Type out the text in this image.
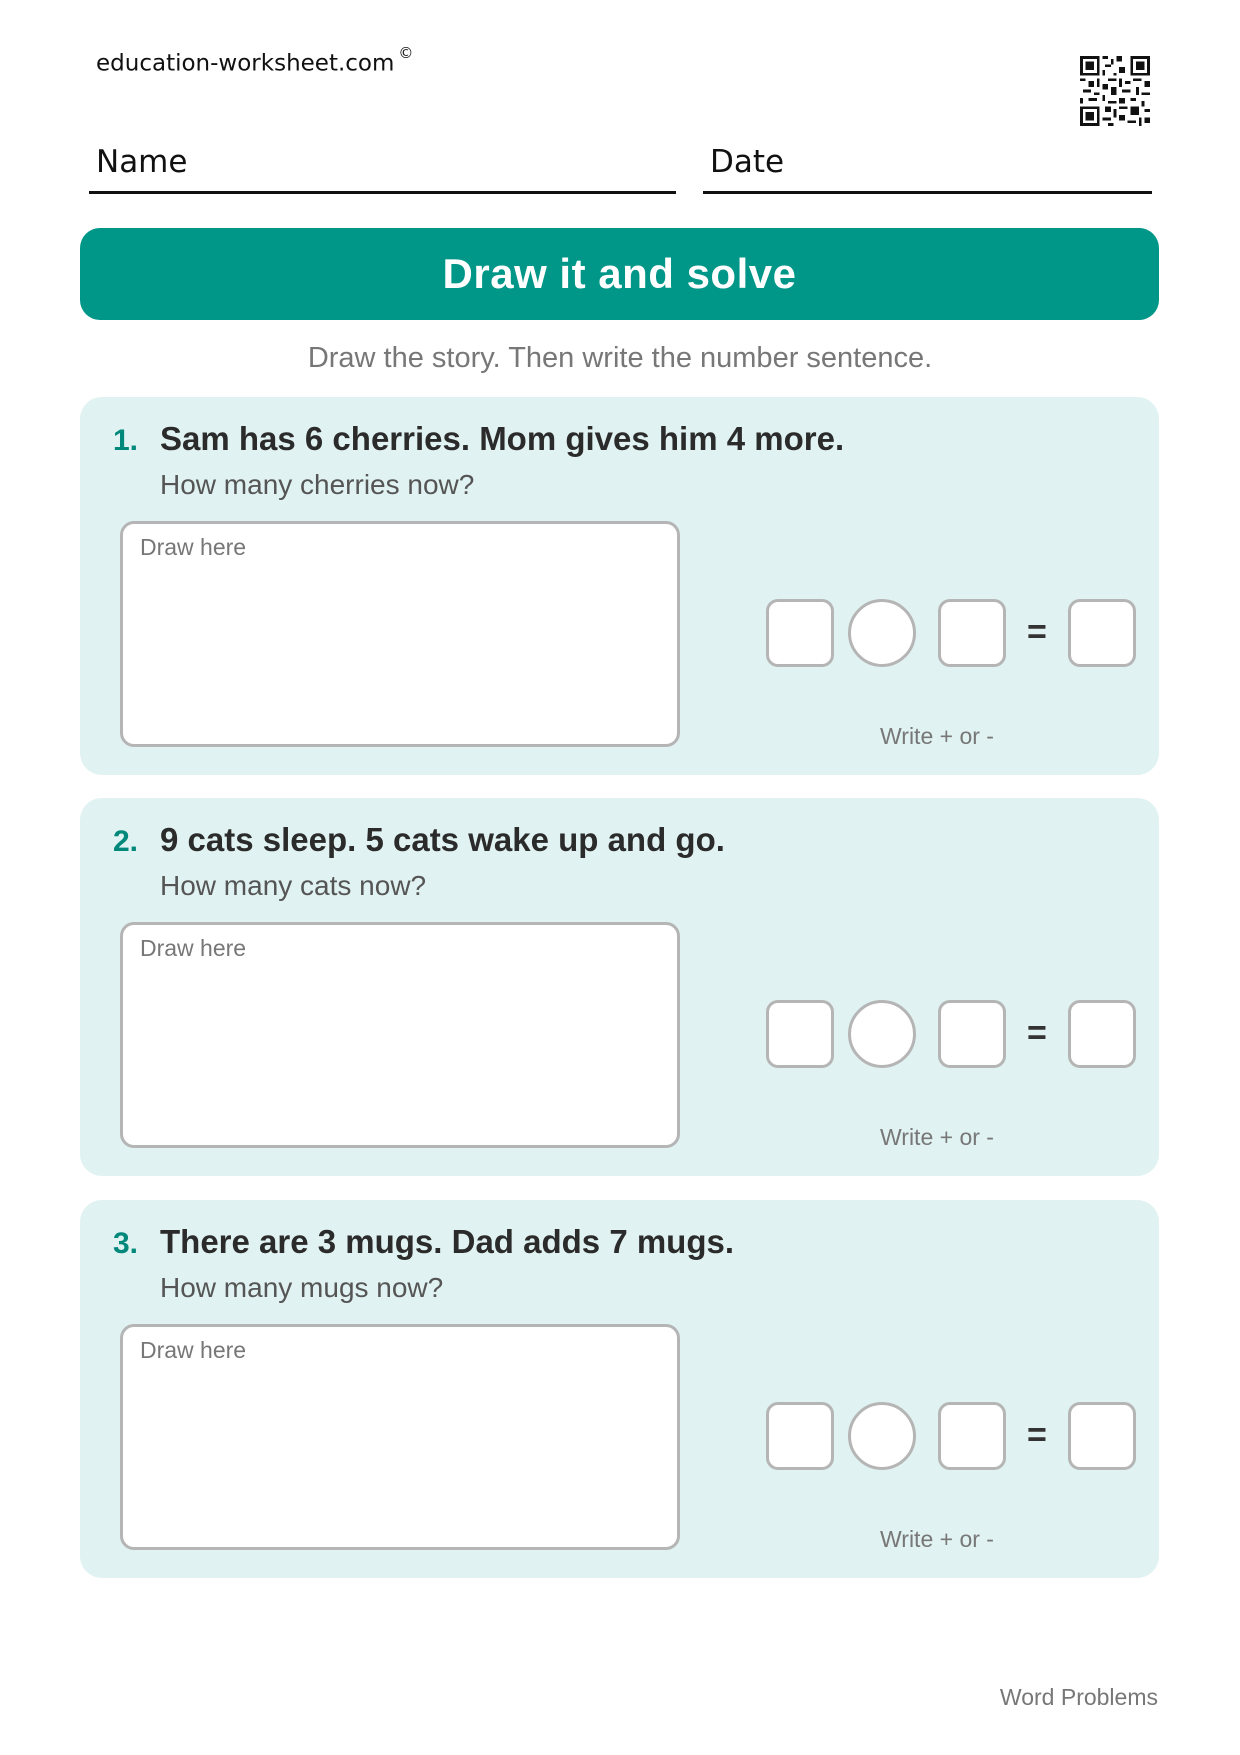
education-worksheet.com ©
Name	Date
Draw it and solve
Draw the story. Then write the number sentence.
1. Sam has 6 cherries. Mom gives him 4 more.
How many cherries now?
Draw here
=
Write + or -
2. 9 cats sleep. 5 cats wake up and go.
How many cats now?
Draw here
=
Write + or -
3. There are 3 mugs. Dad adds 7 mugs.
How many mugs now?
Draw here
=
Write + or -
Word Problems
